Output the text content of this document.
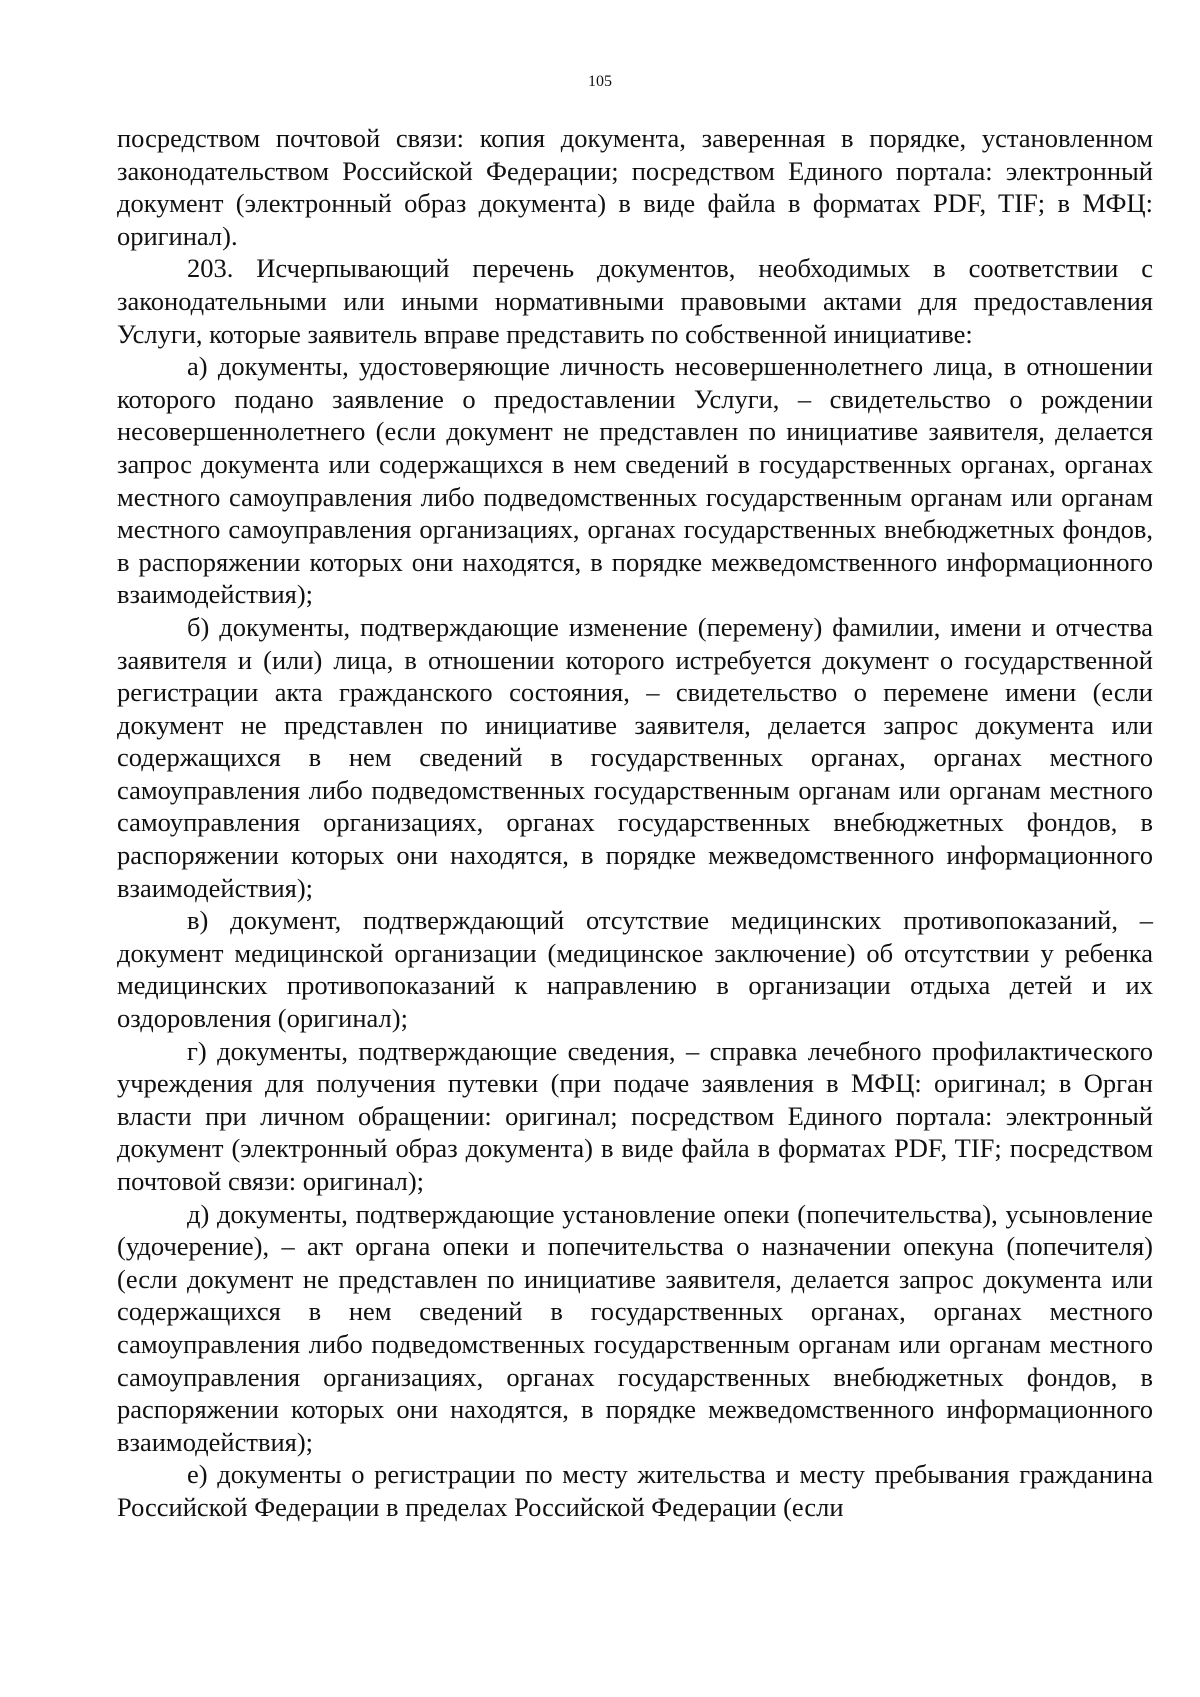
105

посредством почтовой связи: копия документа, заверенная в порядке, установленном законодательством Российской Федерации; посредством Единого портала: электронный документ (электронный образ документа) в виде файла в форматах PDF, TIF; в МФЦ: оригинал).

203. Исчерпывающий перечень документов, необходимых в соответствии с законодательными или иными нормативными правовыми актами для предоставления Услуги, которые заявитель вправе представить по собственной инициативе:

а) документы, удостоверяющие личность несовершеннолетнего лица, в отношении которого подано заявление о предоставлении Услуги, – свидетельство о рождении несовершеннолетнего (если документ не представлен по инициативе заявителя, делается запрос документа или содержащихся в нем сведений в государственных органах, органах местного самоуправления либо подведомственных государственным органам или органам местного самоуправления организациях, органах государственных внебюджетных фондов, в распоряжении которых они находятся, в порядке межведомственного информационного взаимодействия);

б) документы, подтверждающие изменение (перемену) фамилии, имени и отчества заявителя и (или) лица, в отношении которого истребуется документ о государственной регистрации акта гражданского состояния, – свидетельство о перемене имени (если документ не представлен по инициативе заявителя, делается запрос документа или содержащихся в нем сведений в государственных органах, органах местного самоуправления либо подведомственных государственным органам или органам местного самоуправления организациях, органах государственных внебюджетных фондов, в распоряжении которых они находятся, в порядке межведомственного информационного взаимодействия);

в) документ, подтверждающий отсутствие медицинских противопоказаний, – документ медицинской организации (медицинское заключение) об отсутствии у ребенка медицинских противопоказаний к направлению в организации отдыха детей и их оздоровления (оригинал);

г) документы, подтверждающие сведения, – справка лечебного профилактического учреждения для получения путевки (при подаче заявления в МФЦ: оригинал; в Орган власти при личном обращении: оригинал; посредством Единого портала: электронный документ (электронный образ документа) в виде файла в форматах PDF, TIF; посредством почтовой связи: оригинал);

д) документы, подтверждающие установление опеки (попечительства), усыновление (удочерение), – акт органа опеки и попечительства о назначении опекуна (попечителя) (если документ не представлен по инициативе заявителя, делается запрос документа или содержащихся в нем сведений в государственных органах, органах местного самоуправления либо подведомственных государственным органам или органам местного самоуправления организациях, органах государственных внебюджетных фондов, в распоряжении которых они находятся, в порядке межведомственного информационного взаимодействия);

е) документы о регистрации по месту жительства и месту пребывания гражданина Российской Федерации в пределах Российской Федерации (если
